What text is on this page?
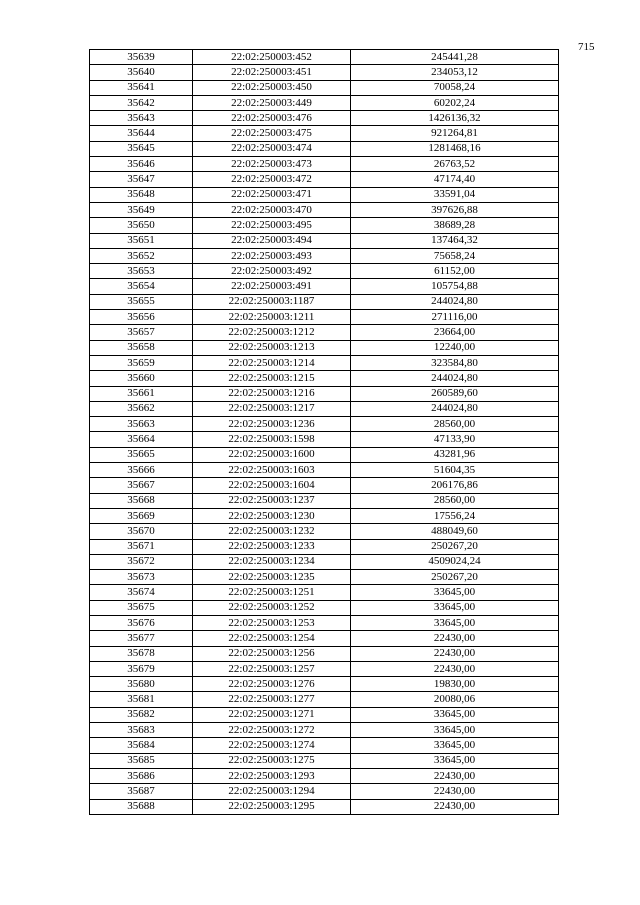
715
35639	22:02:250003:452	245441,28
35640	22:02:250003:451	234053,12
35641	22:02:250003:450	70058,24
35642	22:02:250003:449	60202,24
35643	22:02:250003:476	1426136,32
35644	22:02:250003:475	921264,81
35645	22:02:250003:474	1281468,16
35646	22:02:250003:473	26763,52
35647	22:02:250003:472	47174,40
35648	22:02:250003:471	33591,04
35649	22:02:250003:470	397626,88
35650	22:02:250003:495	38689,28
35651	22:02:250003:494	137464,32
35652	22:02:250003:493	75658,24
35653	22:02:250003:492	61152,00
35654	22:02:250003:491	105754,88
35655	22:02:250003:1187	244024,80
35656	22:02:250003:1211	271116,00
35657	22:02:250003:1212	23664,00
35658	22:02:250003:1213	12240,00
35659	22:02:250003:1214	323584,80
35660	22:02:250003:1215	244024,80
35661	22:02:250003:1216	260589,60
35662	22:02:250003:1217	244024,80
35663	22:02:250003:1236	28560,00
35664	22:02:250003:1598	47133,90
35665	22:02:250003:1600	43281,96
35666	22:02:250003:1603	51604,35
35667	22:02:250003:1604	206176,86
35668	22:02:250003:1237	28560,00
35669	22:02:250003:1230	17556,24
35670	22:02:250003:1232	488049,60
35671	22:02:250003:1233	250267,20
35672	22:02:250003:1234	4509024,24
35673	22:02:250003:1235	250267,20
35674	22:02:250003:1251	33645,00
35675	22:02:250003:1252	33645,00
35676	22:02:250003:1253	33645,00
35677	22:02:250003:1254	22430,00
35678	22:02:250003:1256	22430,00
35679	22:02:250003:1257	22430,00
35680	22:02:250003:1276	19830,00
35681	22:02:250003:1277	20080,06
35682	22:02:250003:1271	33645,00
35683	22:02:250003:1272	33645,00
35684	22:02:250003:1274	33645,00
35685	22:02:250003:1275	33645,00
35686	22:02:250003:1293	22430,00
35687	22:02:250003:1294	22430,00
35688	22:02:250003:1295	22430,00
